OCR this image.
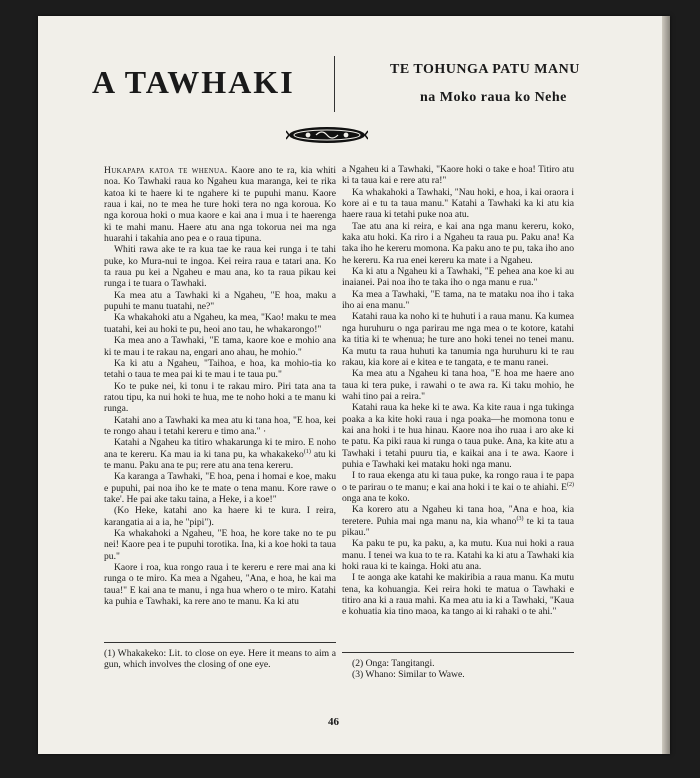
A TAWHAKI	TE TOHUNGA PATU MANU
na Moko raua ko Nehe

Hukapapa katoa te whenua. Kaore ano te ra, kia whiti noa. Ko Tawhaki raua ko Ngaheu kua maranga, kei te rika katoa ki te haere ki te ngahere ki te pupuhi manu. Kaore raua i kai, no te mea he ture hoki tera no nga koroua. Ko nga koroua hoki o mua kaore e kai ana i mua i te haerenga ki te mahi manu. Haere atu ana nga tokorua nei ma nga huarahi i takahia ano pea e o raua tipuna.

Whiti rawa ake te ra kua tae ke raua kei runga i te tahi puke, ko Mura-nui te ingoa. Kei reira raua e tatari ana. Ko ta raua pu kei a Ngaheu e mau ana, ko ta raua pikau kei runga i te tuara o Tawhaki.

Ka mea atu a Tawhaki ki a Ngaheu, "E hoa, maku a pupuhi te manu tuatahi, ne?"

Ka whakahoki atu a Ngaheu, ka mea, "Kao! maku te mea tuatahi, kei au hoki te pu, heoi ano tau, he whakarongo!"

Ka mea ano a Tawhaki, "E tama, kaore koe e mohio ana ki te mau i te rakau na, engari ano ahau, he mohio."

Ka ki atu a Ngaheu, "Taihoa, e hoa, ka mohio-tia ko tetahi o taua te mea pai ki te mau i te taua pu."

Ko te puke nei, ki tonu i te rakau miro. Piri tata ana ta ratou tipu, ka nui hoki te hua, me te noho hoki a te manu ki runga.

Katahi ano a Tawhaki ka mea atu ki tana hoa, "E hoa, kei te rongo ahau i tetahi kereru e timo ana." ·

Katahi a Ngaheu ka titiro whakarunga ki te miro. E noho ana te kereru. Ka mau ia ki tana pu, ka whakakeko$^{(1)}$ atu ki te manu. Paku ana te pu; rere atu ana tena kereru.

Ka karanga a Tawhaki, "E hoa, pena i homai e koe, maku e pupuhi, pai noa iho ke te mate o tena manu. Kore rawe o take'. He pai ake taku taina, a Heke, i a koe!"

(Ko Heke, katahi ano ka haere ki te kura. I reira, karangatia ai a ia, he "pipi").

Ka whakahoki a Ngaheu, "E hoa, he kore take no te pu nei! Kaore pea i te pupuhi torotika. Ina, ki a koe hoki ta taua pu."

Kaore i roa, kua rongo raua i te kereru e rere mai ana ki runga o te miro. Ka mea a Ngaheu, "Ana, e hoa, he kai ma taua!" E kai ana te manu, i nga hua whero o te miro. Katahi ka puhia e Tawhaki, ka rere ano te manu. Ka ki atu

a Ngaheu ki a Tawhaki, "Kaore hoki o take e hoa! Titiro atu ki ta taua kai e rere atu ra!"

Ka whakahoki a Tawhaki, "Nau hoki, e hoa, i kai oraora i kore ai e tu ta taua manu." Katahi a Tawhaki ka ki atu kia haere raua ki tetahi puke noa atu.

Tae atu ana ki reira, e kai ana nga manu kereru, koko, kaka atu hoki. Ka riro i a Ngaheu ta raua pu. Paku ana! Ka taka iho he kereru momona. Ka paku ano te pu, taka iho ano he kereru. Ka rua enei kereru ka mate i a Ngaheu.

Ka ki atu a Ngaheu ki a Tawhaki, "E pehea ana koe ki au inaianei. Pai noa iho te taka iho o nga manu e rua."

Ka mea a Tawhaki, "E tama, na te mataku noa iho i taka iho ai ena manu."

Katahi raua ka noho ki te huhuti i a raua manu. Ka kumea nga huruhuru o nga parirau me nga mea o te kotore, katahi ka titia ki te whenua; he ture ano hoki tenei no tenei manu. Ka mutu ta raua huhuti ka tanumia nga huruhuru ki te rau rakau, kia kore ai e kitea e te tangata, e te manu ranei.

Ka mea atu a Ngaheu ki tana hoa, "E hoa me haere ano taua ki tera puke, i rawahi o te awa ra. Ki taku mohio, he wahi tino pai a reira."

Katahi raua ka heke ki te awa. Ka kite raua i nga tukinga poaka a ka kite hoki raua i nga poaka—he momona tonu e kai ana hoki i te hua hinau. Kaore noa iho ruaa i aro ake ki te patu. Ka piki raua ki runga o taua puke. Ana, ka kite atu a Tawhaki i tetahi puuru tia, e kaikai ana i te awa. Kaore i puhia e Tawhaki kei mataku hoki nga manu.

I to raua ekenga atu ki taua puke, ka rongo raua i te papa o te parirau o te manu; e kai ana hoki i te kai o te ahiahi. $E^{(2)}$ onga ana te koko.

Ka korero atu a Ngaheu ki tana hoa, "Ana e hoa, kia teretere. Puhia mai nga manu na, kia whano$^{(3)}$ te ki ta taua pikau."

Ka paku te pu, ka paku, a, ka mutu. Kua nui hoki a raua manu. I tenei wa kua to te ra. Katahi ka ki atu a Tawhaki kia hoki raua ki te kainga. Hoki atu ana.

I te aonga ake katahi ke makiribia a raua manu. Ka mutu tena, ka kohuangia. Kei reira hoki te matua o Tawhaki e titiro ana ki a raua mahi. Ka mea atu ia ki a Tawhaki, "Kaua e kohuatia kia tino maoa, ka tango ai ki rahaki o te ahi."

(1) Whakakeko: Lit. to close on eye. Here it means to aim a gun, which involves the closing of one eye.	(2) Onga: Tangitangi.
(3) Whano: Similar to Wawe.
46
